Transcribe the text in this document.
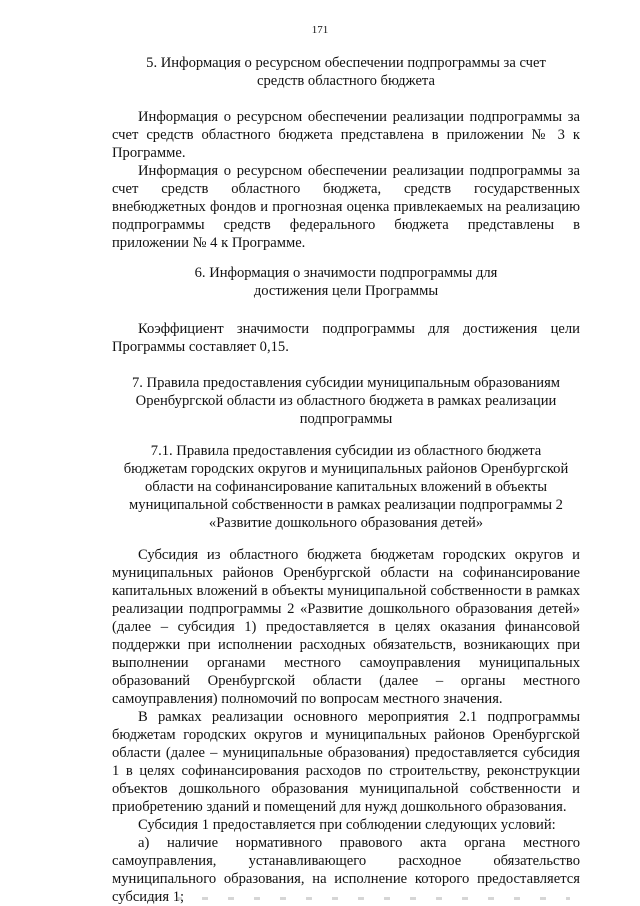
171
5. Информация о ресурсном обеспечении подпрограммы за счет средств областного бюджета
Информация о ресурсном обеспечении реализации подпрограммы за счет средств областного бюджета представлена в приложении № 3 к Программе.
Информация о ресурсном обеспечении реализации подпрограммы за счет средств областного бюджета, средств государственных внебюджетных фондов и прогнозная оценка привлекаемых на реализацию подпрограммы средств федерального бюджета представлены в приложении № 4 к Программе.
6. Информация о значимости подпрограммы для достижения цели Программы
Коэффициент значимости подпрограммы для достижения цели Программы составляет 0,15.
7. Правила предоставления субсидии муниципальным образованиям Оренбургской области из областного бюджета в рамках реализации подпрограммы
7.1. Правила предоставления субсидии из областного бюджета бюджетам городских округов и муниципальных районов Оренбургской области на софинансирование капитальных вложений в объекты муниципальной собственности в рамках реализации подпрограммы 2 «Развитие дошкольного образования детей»
Субсидия из областного бюджета бюджетам городских округов и муниципальных районов Оренбургской области на софинансирование капитальных вложений в объекты муниципальной собственности в рамках реализации подпрограммы 2 «Развитие дошкольного образования детей» (далее – субсидия 1) предоставляется в целях оказания финансовой поддержки при исполнении расходных обязательств, возникающих при выполнении органами местного самоуправления муниципальных образований Оренбургской области (далее – органы местного самоуправления) полномочий по вопросам местного значения.
В рамках реализации основного мероприятия 2.1 подпрограммы бюджетам городских округов и муниципальных районов Оренбургской области (далее – муниципальные образования) предоставляется субсидия 1 в целях софинансирования расходов по строительству, реконструкции объектов дошкольного образования муниципальной собственности и приобретению зданий и помещений для нужд дошкольного образования.
Субсидия 1 предоставляется при соблюдении следующих условий:
а) наличие нормативного правового акта органа местного самоуправления, устанавливающего расходное обязательство муниципального образования, на исполнение которого предоставляется субсидия 1;
